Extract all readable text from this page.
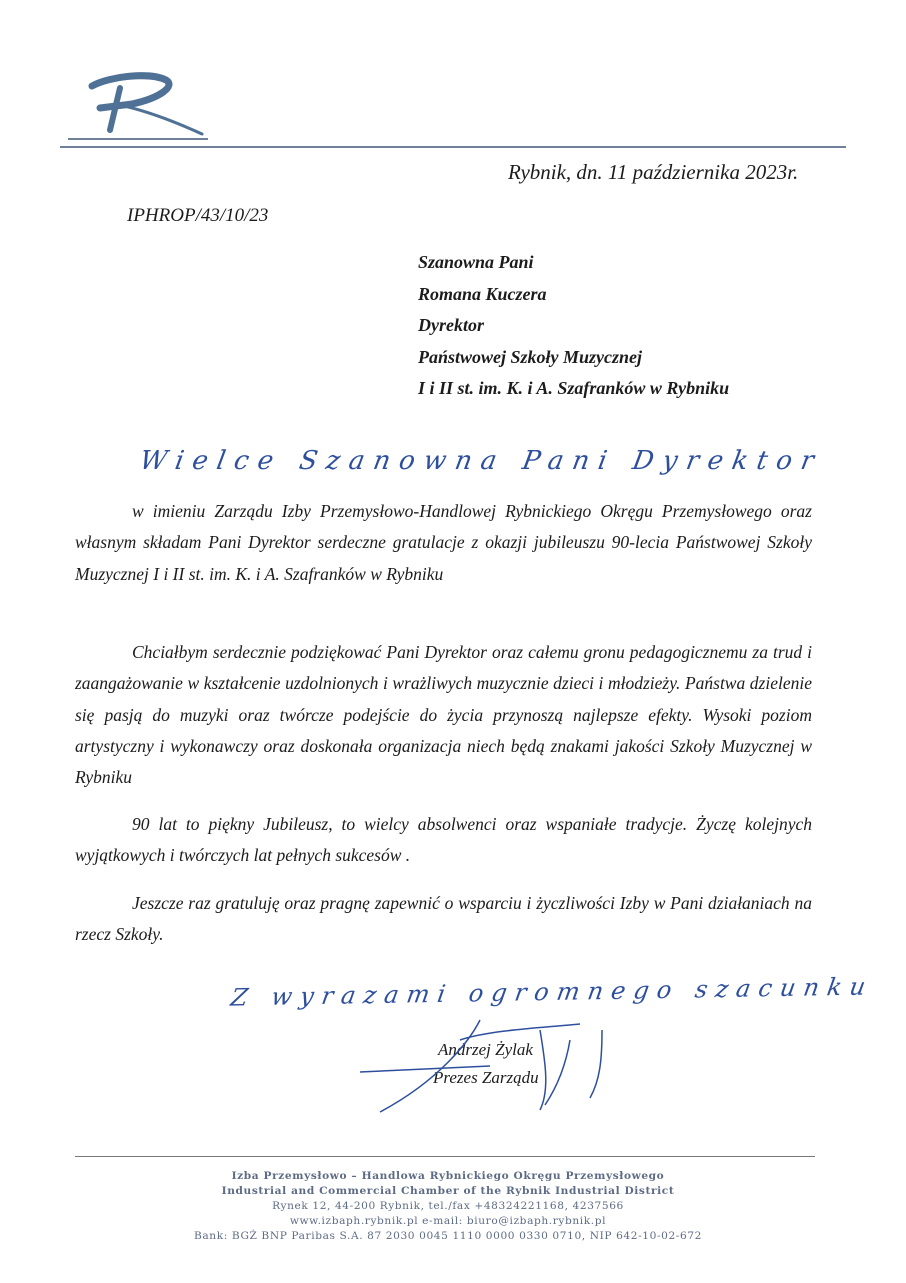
Rybnik, dn. 11 października 2023r.
IPHROP/43/10/23
Szanowna Pani
Romana Kuczera
Dyrektor
Państwowej Szkoły Muzycznej
I i II st. im. K. i A. Szafranków w Rybniku
Wielce Szanowna Pani Dyrektor

w imieniu Zarządu Izby Przemysłowo-Handlowej Rybnickiego Okręgu Przemysłowego oraz własnym składam Pani Dyrektor serdeczne gratulacje z okazji jubileuszu 90-lecia Państwowej Szkoły Muzycznej I i II st. im. K. i A. Szafranków w Rybniku

Chciałbym serdecznie podziękować Pani Dyrektor oraz całemu gronu pedagogicznemu za trud i zaangażowanie w kształcenie uzdolnionych i wrażliwych muzycznie dzieci i młodzieży. Państwa dzielenie się pasją do muzyki oraz twórcze podejście do życia przynoszą najlepsze efekty. Wysoki poziom artystyczny i wykonawczy oraz doskonała organizacja niech będą znakami jakości Szkoły Muzycznej w Rybniku

90 lat to piękny Jubileusz, to wielcy absolwenci oraz wspaniałe tradycje. Życzę kolejnych wyjątkowych i twórczych lat pełnych sukcesów .

Jeszcze raz gratuluję oraz pragnę zapewnić o wsparciu i życzliwości Izby w Pani działaniach na rzecz Szkoły.

Z wyrazami ogromnego szacunku
Andrzej Żylak
Prezes Zarządu
Izba Przemysłowo – Handlowa Rybnickiego Okręgu Przemysłowego
Industrial and Commercial Chamber of the Rybnik Industrial District
Rynek 12, 44-200 Rybnik, tel./fax +48324221168, 4237566
www.izbaph.rybnik.pl e-mail: biuro@izbaph.rybnik.pl
Bank: BGŻ BNP Paribas S.A. 87 2030 0045 1110 0000 0330 0710, NIP 642-10-02-672
